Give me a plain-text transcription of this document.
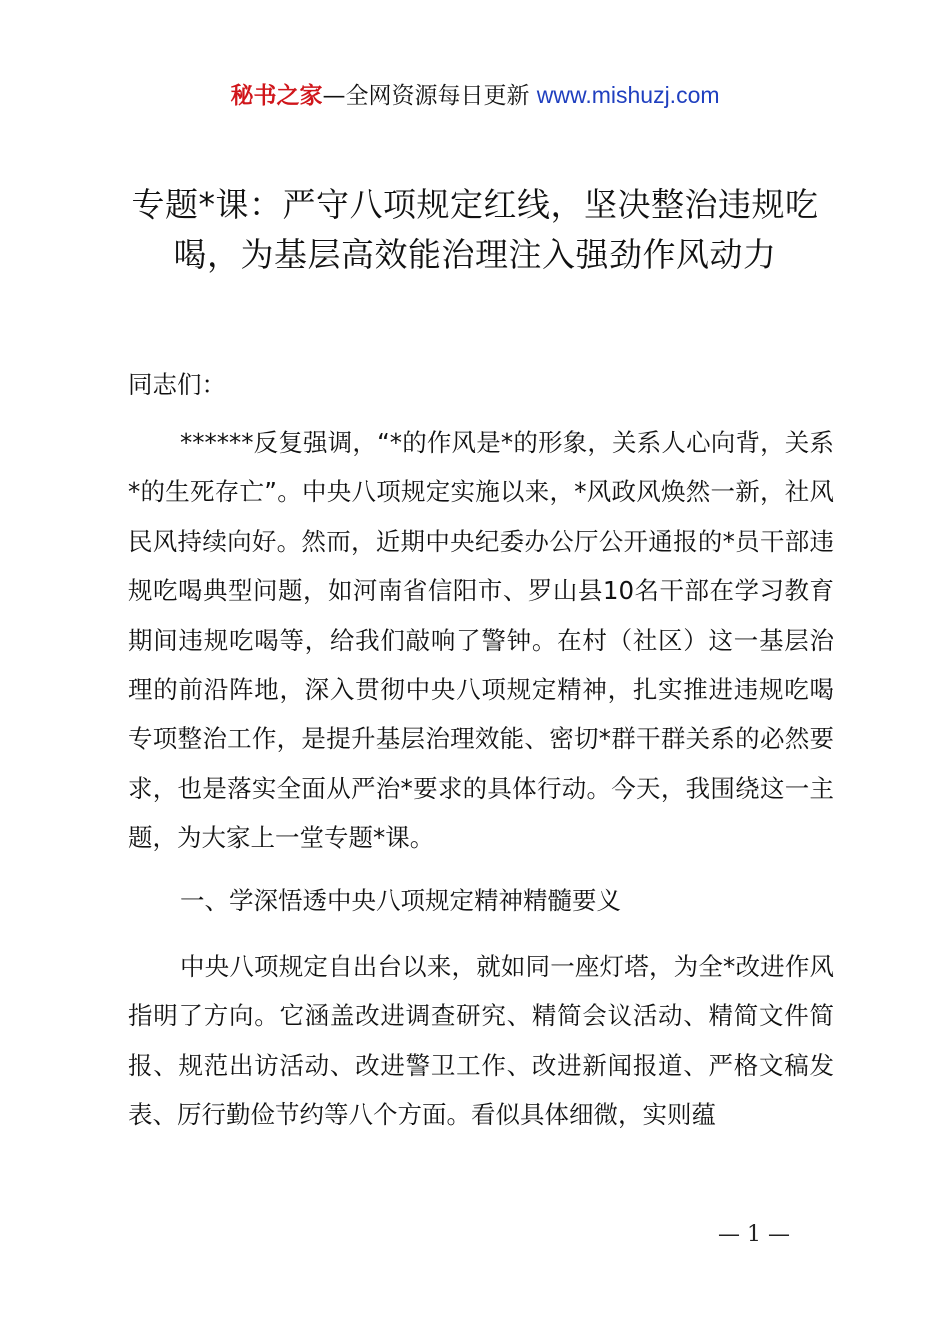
秘书之家—全网资源每日更新 www.mishuzj.com
专题*课：严守八项规定红线，坚决整治违规吃喝，为基层高效能治理注入强劲作风动力

同志们：

******反复强调，“*的作风是*的形象，关系人心向背，关系*的生死存亡”。中央八项规定实施以来，*风政风焕然一新，社风民风持续向好。然而，近期中央纪委办公厅公开通报的*员干部违规吃喝典型问题，如河南省信阳市、罗山县10名干部在学习教育期间违规吃喝等，给我们敲响了警钟。在村（社区）这一基层治理的前沿阵地，深入贯彻中央八项规定精神，扎实推进违规吃喝专项整治工作，是提升基层治理效能、密切*群干群关系的必然要求，也是落实全面从严治*要求的具体行动。今天，我围绕这一主题，为大家上一堂专题*课。

一、学深悟透中央八项规定精神精髓要义

中央八项规定自出台以来，就如同一座灯塔，为全*改进作风指明了方向。它涵盖改进调查研究、精简会议活动、精简文件简报、规范出访活动、改进警卫工作、改进新闻报道、严格文稿发表、厉行勤俭节约等八个方面。看似具体细微，实则蕴

— 1 —
